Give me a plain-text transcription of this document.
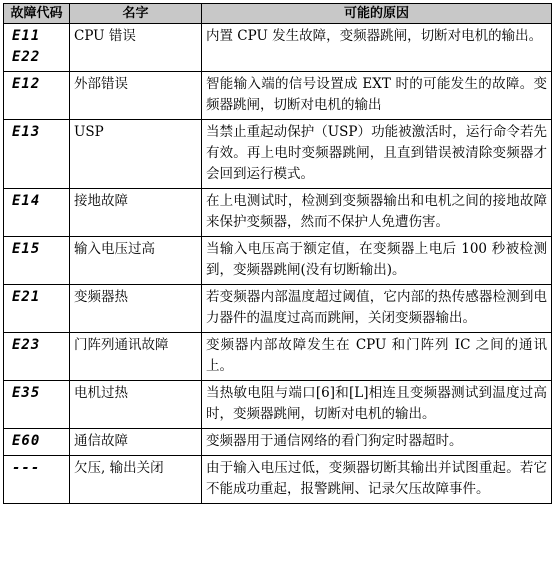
故障代码	名字	可能的原因

E11
E22	CPU 错误	内置 CPU 发生故障，变频器跳闸，切断对电机的输出。

E12	外部错误	智能输入端的信号设置成 EXT 时的可能发生的故障。变频器跳闸，切断对电机的输出

E13	USP	当禁止重起动保护（USP）功能被激活时，运行命令若先有效。再上电时变频器跳闸，且直到错误被清除变频器才会回到运行模式。

E14	接地故障	在上电测试时，检测到变频器输出和电机之间的接地故障来保护变频器，然而不保护人免遭伤害。

E15	输入电压过高	当输入电压高于额定值，在变频器上电后 100 秒被检测到，变频器跳闸(没有切断输出)。

E21	变频器热	若变频器内部温度超过阈值，它内部的热传感器检测到电力器件的温度过高而跳闸，关闭变频器输出。

E23	门阵列通讯故障	变频器内部故障发生在 CPU 和门阵列 IC 之间的通讯上。

E35	电机过热	当热敏电阻与端口[6]和[L]相连且变频器测试到温度过高时，变频器跳闸，切断对电机的输出。

E60	通信故障	变频器用于通信网络的看门狗定时器超时。

---	欠压, 输出关闭	由于输入电压过低，变频器切断其输出并试图重起。若它不能成功重起，报警跳闸、记录欠压故障事件。
